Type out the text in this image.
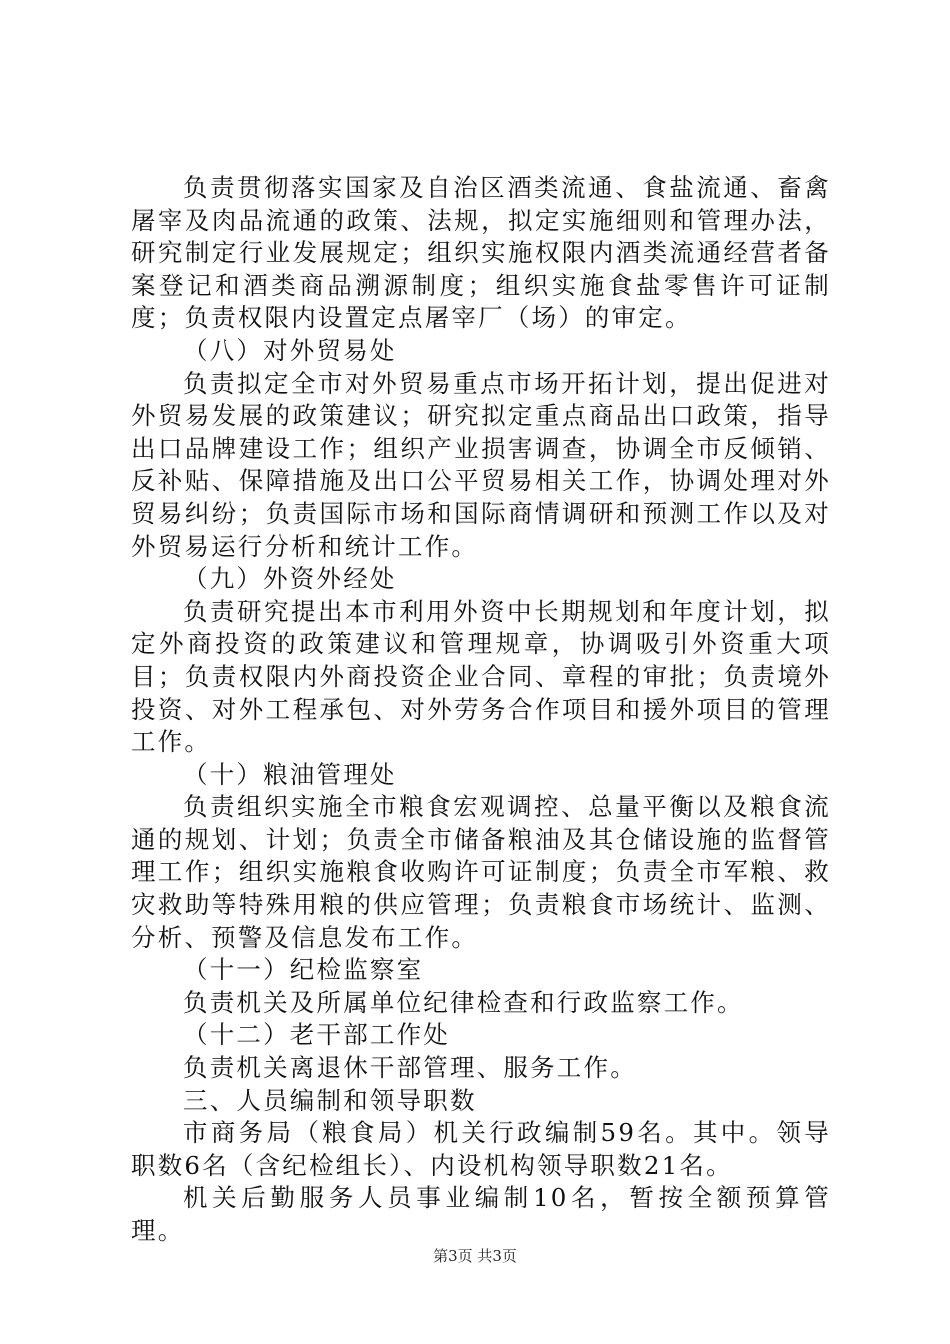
负责贯彻落实国家及自治区酒类流通、食盐流通、畜禽屠宰及肉品流通的政策、法规，拟定实施细则和管理办法，研究制定行业发展规定；组织实施权限内酒类流通经营者备案登记和酒类商品溯源制度；组织实施食盐零售许可证制度；负责权限内设置定点屠宰厂（场）的审定。

（八）对外贸易处

负责拟定全市对外贸易重点市场开拓计划，提出促进对外贸易发展的政策建议；研究拟定重点商品出口政策，指导出口品牌建设工作；组织产业损害调查，协调全市反倾销、反补贴、保障措施及出口公平贸易相关工作，协调处理对外贸易纠纷；负责国际市场和国际商情调研和预测工作以及对外贸易运行分析和统计工作。

（九）外资外经处

负责研究提出本市利用外资中长期规划和年度计划，拟定外商投资的政策建议和管理规章，协调吸引外资重大项目；负责权限内外商投资企业合同、章程的审批；负责境外投资、对外工程承包、对外劳务合作项目和援外项目的管理工作。

（十）粮油管理处

负责组织实施全市粮食宏观调控、总量平衡以及粮食流通的规划、计划；负责全市储备粮油及其仓储设施的监督管理工作；组织实施粮食收购许可证制度；负责全市军粮、救灾救助等特殊用粮的供应管理；负责粮食市场统计、监测、分析、预警及信息发布工作。

（十一）纪检监察室

负责机关及所属单位纪律检查和行政监察工作。

（十二）老干部工作处

负责机关离退休干部管理、服务工作。

三、人员编制和领导职数

市商务局（粮食局）机关行政编制59名。其中。领导职数6名（含纪检组长）、内设机构领导职数21名。

机关后勤服务人员事业编制10名，暂按全额预算管理。

第3页 共3页
